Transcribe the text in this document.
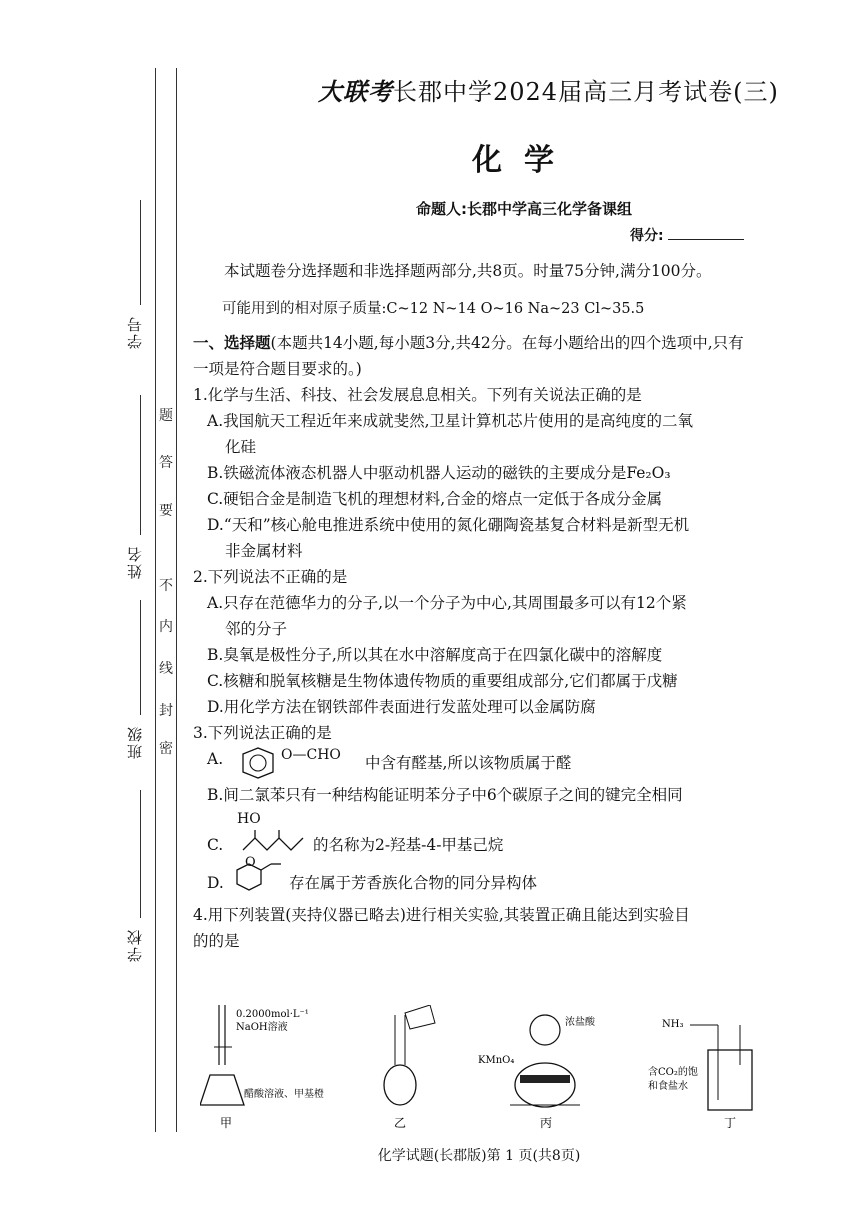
学号
姓名
班级
学校
密
封
线
内
不
要
答
题
大联考长郡中学2024届高三月考试卷(三)
化学
命题人:长郡中学高三化学备课组
得分:

本试题卷分选择题和非选择题两部分,共8页。时量75分钟,满分100分。

可能用到的相对原子质量:C~12 N~14 O~16 Na~23 Cl~35.5

一、选择题(本题共14小题,每小题3分,共42分。在每小题给出的四个选项中,只有一项是符合题目要求的。)

1.化学与生活、科技、社会发展息息相关。下列有关说法正确的是

A.我国航天工程近年来成就斐然,卫星计算机芯片使用的是高纯度的二氧

化硅

B.铁磁流体液态机器人中驱动机器人运动的磁铁的主要成分是Fe₂O₃

C.硬铝合金是制造飞机的理想材料,合金的熔点一定低于各成分金属

D.“天和”核心舱电推进系统中使用的氮化硼陶瓷基复合材料是新型无机

非金属材料

2.下列说法不正确的是

A.只存在范德华力的分子,以一个分子为中心,其周围最多可以有12个紧

邻的分子

B.臭氧是极性分子,所以其在水中溶解度高于在四氯化碳中的溶解度

C.核糖和脱氧核糖是生物体遗传物质的重要组成部分,它们都属于戊糖

D.用化学方法在钢铁部件表面进行发蓝处理可以金属防腐

3.下列说法正确的是

A.	O—CHO 中含有醛基,所以该物质属于醛

B.间二氯苯只有一种结构能证明苯分子中6个碳原子之间的键完全相同

C.
HO
的名称为2-羟基-4-甲基己烷
D.
O
存在属于芳香族化合物的同分异构体

4.用下列装置(夹持仪器已略去)进行相关实验,其装置正确且能达到实验目

的的是

0.2000mol·L⁻¹
NaOH溶液
醋酸溶液、甲基橙
甲	乙
浓盐酸
KMnO₄
丙
NH₃
含CO₂的饱
和食盐水
丁
化学试题(长郡版)第 1 页(共8页)
